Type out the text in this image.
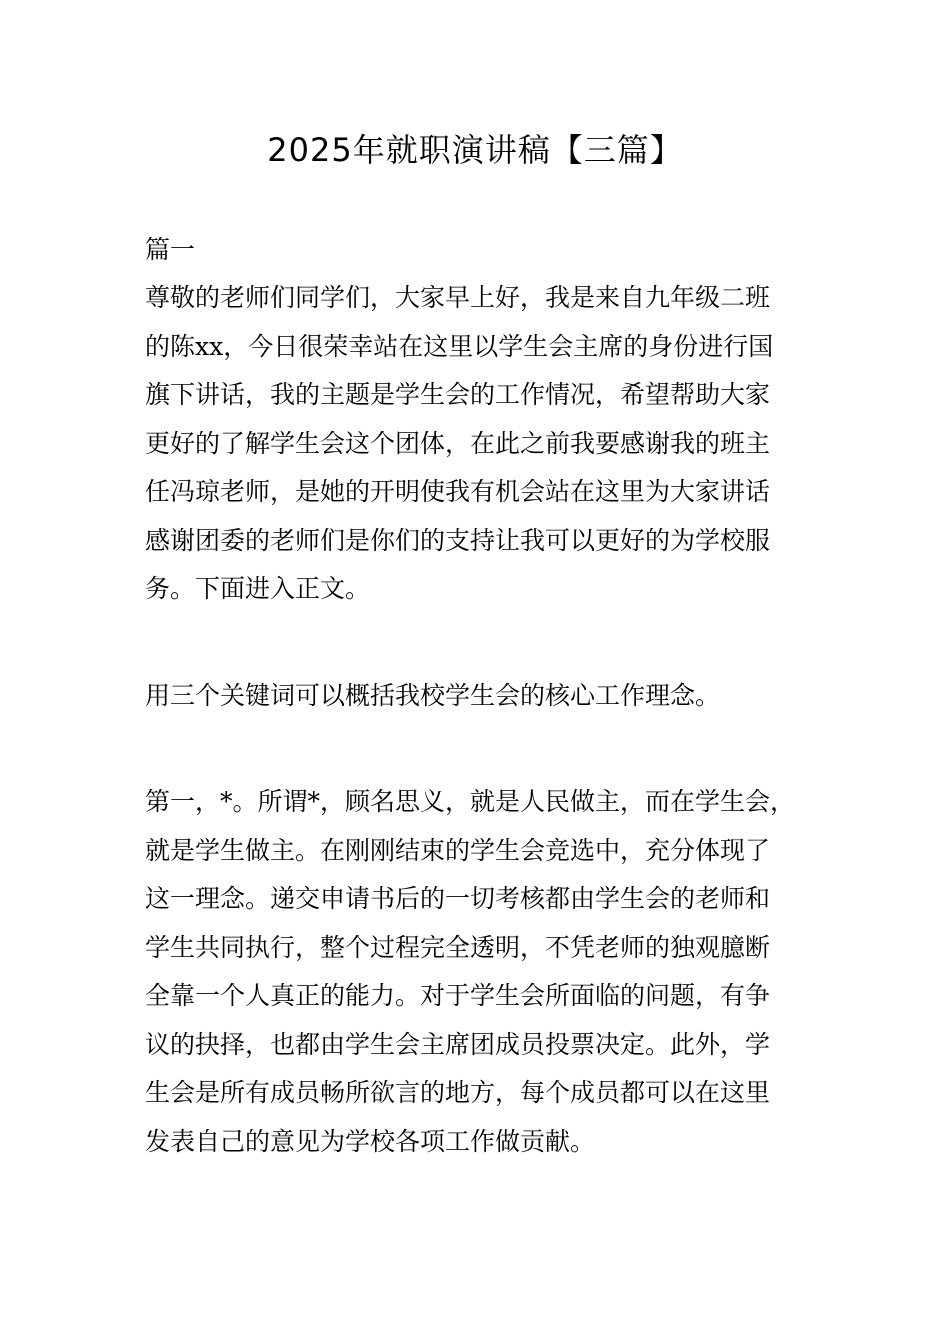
2025年就职演讲稿【三篇】
篇一
尊敬的老师们同学们，大家早上好，我是来自九年级二班
的陈xx，今日很荣幸站在这里以学生会主席的身份进行国
旗下讲话，我的主题是学生会的工作情况，希望帮助大家
更好的了解学生会这个团体，在此之前我要感谢我的班主
任冯琼老师，是她的开明使我有机会站在这里为大家讲话
感谢团委的老师们是你们的支持让我可以更好的为学校服
务。下面进入正文。
用三个关键词可以概括我校学生会的核心工作理念。
第一，*。所谓*，顾名思义，就是人民做主，而在学生会，
就是学生做主。在刚刚结束的学生会竞选中，充分体现了
这一理念。递交申请书后的一切考核都由学生会的老师和
学生共同执行，整个过程完全透明，不凭老师的独观臆断
全靠一个人真正的能力。对于学生会所面临的问题，有争
议的抉择，也都由学生会主席团成员投票决定。此外，学
生会是所有成员畅所欲言的地方，每个成员都可以在这里
发表自己的意见为学校各项工作做贡献。
